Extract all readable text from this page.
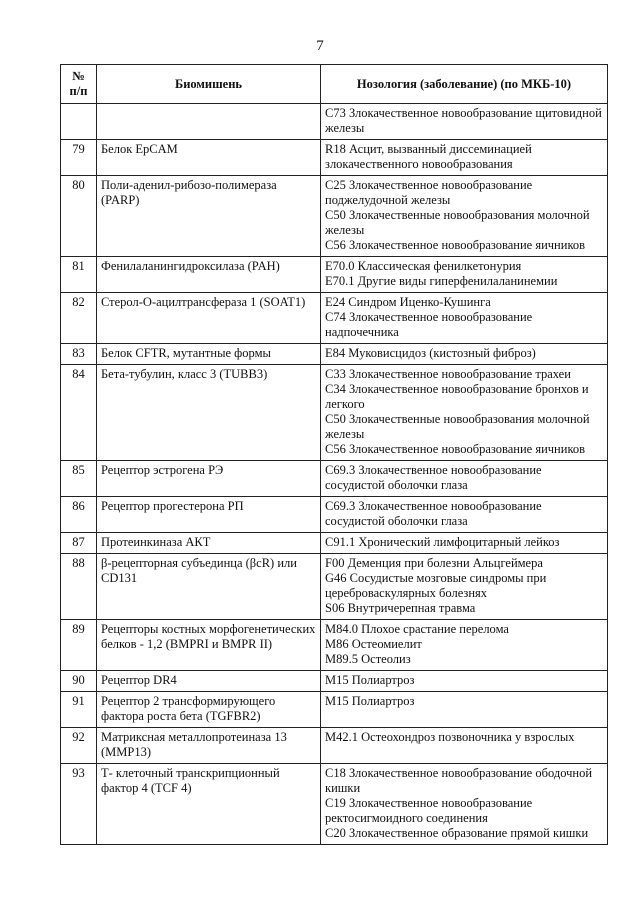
7
№
п/п	Биомишень	Нозология (заболевание) (по МКБ-10)

		C73 Злокачественное новообразование щитовидной железы

79	Белок EpCAM	R18 Асцит, вызванный диссеминацией злокачественного новообразования

80	Поли-аденил-рибозо-полимераза (PARP)	C25 Злокачественное новообразование поджелудочной железы
C50 Злокачественные новообразования молочной железы
C56 Злокачественное новообразование яичников

81	Фенилаланингидроксилаза (PAH)	E70.0 Классическая фенилкетонурия
E70.1 Другие виды гиперфенилаланинемии

82	Стерол-O-ацилтрансфераза 1 (SOAT1)	E24 Синдром Иценко-Кушинга
C74 Злокачественное новообразование надпочечника

83	Белок CFTR, мутантные формы	E84 Муковисцидоз (кистозный фиброз)

84	Бета-тубулин, класс 3 (TUBB3)	C33 Злокачественное новообразование трахеи
C34 Злокачественное новообразование бронхов и легкого
C50 Злокачественные новообразования молочной железы
C56 Злокачественное новообразование яичников

85	Рецептор эстрогена РЭ	C69.3 Злокачественное новообразование сосудистой оболочки глаза

86	Рецептор прогестерона РП	C69.3 Злокачественное новообразование сосудистой оболочки глаза

87	Протеинкиназа АКТ	C91.1 Хронический лимфоцитарный лейкоз

88	β-рецепторная субъединца (βcR) или CD131	F00 Деменция при болезни Альцгеймера
G46 Сосудистые мозговые синдромы при цереброваскулярных болезнях
S06 Внутричерепная травма

89	Рецепторы костных морфогенетических белков - 1,2 (BMPRI и BMPR II)	M84.0 Плохое срастание перелома
M86 Остеомиелит
M89.5 Остеолиз

90	Рецептор DR4	M15 Полиартроз

91	Рецептор 2 трансформирующего фактора роста бета (TGFBR2)	M15 Полиартроз

92	Матриксная металлопротеиназа 13 (MMP13)	M42.1 Остеохондроз позвоночника у взрослых

93	Т- клеточный транскрипционный фактор 4 (TCF 4)	C18 Злокачественное новообразование ободочной кишки
C19 Злокачественное новообразование ректосигмоидного соединения
C20 Злокачественное образование прямой кишки
